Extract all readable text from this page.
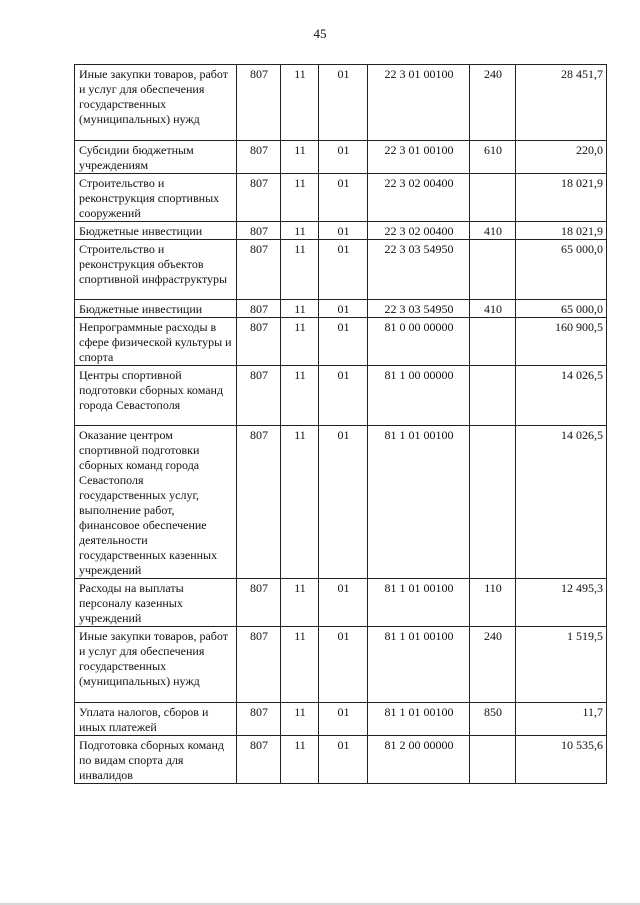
45
Иные закупки товаров, работ и услуг для обеспечения государственных (муниципальных) нужд	807	11	01	22 3 01 00100	240	28 451,7
Субсидии бюджетным учреждениям	807	11	01	22 3 01 00100	610	220,0
Строительство и реконструкция спортивных сооружений	807	11	01	22 3 02 00400		18 021,9
Бюджетные инвестиции	807	11	01	22 3 02 00400	410	18 021,9
Строительство и реконструкция объектов спортивной инфраструктуры	807	11	01	22 3 03 54950		65 000,0
Бюджетные инвестиции	807	11	01	22 3 03 54950	410	65 000,0
Непрограммные расходы в сфере физической культуры и спорта	807	11	01	81 0 00 00000		160 900,5
Центры спортивной подготовки сборных команд города Севастополя	807	11	01	81 1 00 00000		14 026,5
Оказание центром спортивной подготовки сборных команд города Севастополя государственных услуг, выполнение работ, финансовое обеспечение деятельности государственных казенных учреждений	807	11	01	81 1 01 00100		14 026,5
Расходы на выплаты персоналу казенных учреждений	807	11	01	81 1 01 00100	110	12 495,3
Иные закупки товаров, работ и услуг для обеспечения государственных (муниципальных) нужд	807	11	01	81 1 01 00100	240	1 519,5
Уплата налогов, сборов и иных платежей	807	11	01	81 1 01 00100	850	11,7
Подготовка сборных команд по видам спорта для инвалидов	807	11	01	81 2 00 00000		10 535,6
